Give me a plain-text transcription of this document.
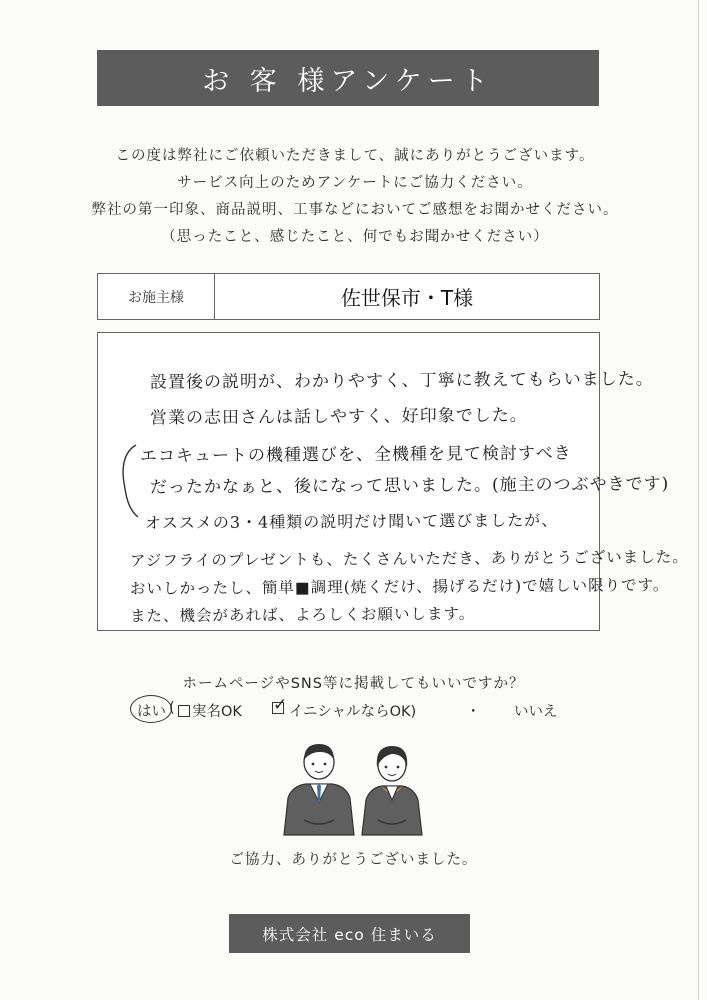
お 客 様アンケート
この度は弊社にご依頼いただきまして、誠にありがとうございます。
サービス向上のためアンケートにご協力ください。
弊社の第一印象、商品説明、工事などにおいてご感想をお聞かせください。
（思ったこと、感じたこと、何でもお聞かせください）
お施主様	佐世保市・T様
設置後の説明が、わかりやすく、丁寧に教えてもらいました。
営業の志田さんは話しやすく、好印象でした。
エコキュートの機種選びを、全機種を見て検討すべき
だったかなぁと、後になって思いました。(施主のつぶやきです)
オススメの3・4種類の説明だけ聞いて選びましたが、
アジフライのプレゼントも、たくさんいただき、ありがとうございました。
おいしかったし、簡単■調理(焼くだけ、揚げるだけ)で嬉しい限りです。
また、機会があれば、よろしくお願いします。
ホームページやSNS等に掲載してもいいですか？
はい (	実名OK ✓ イニシャルならOK)	・ いいえ
ご協力、ありがとうございました。
株式会社 eco 住まいる
